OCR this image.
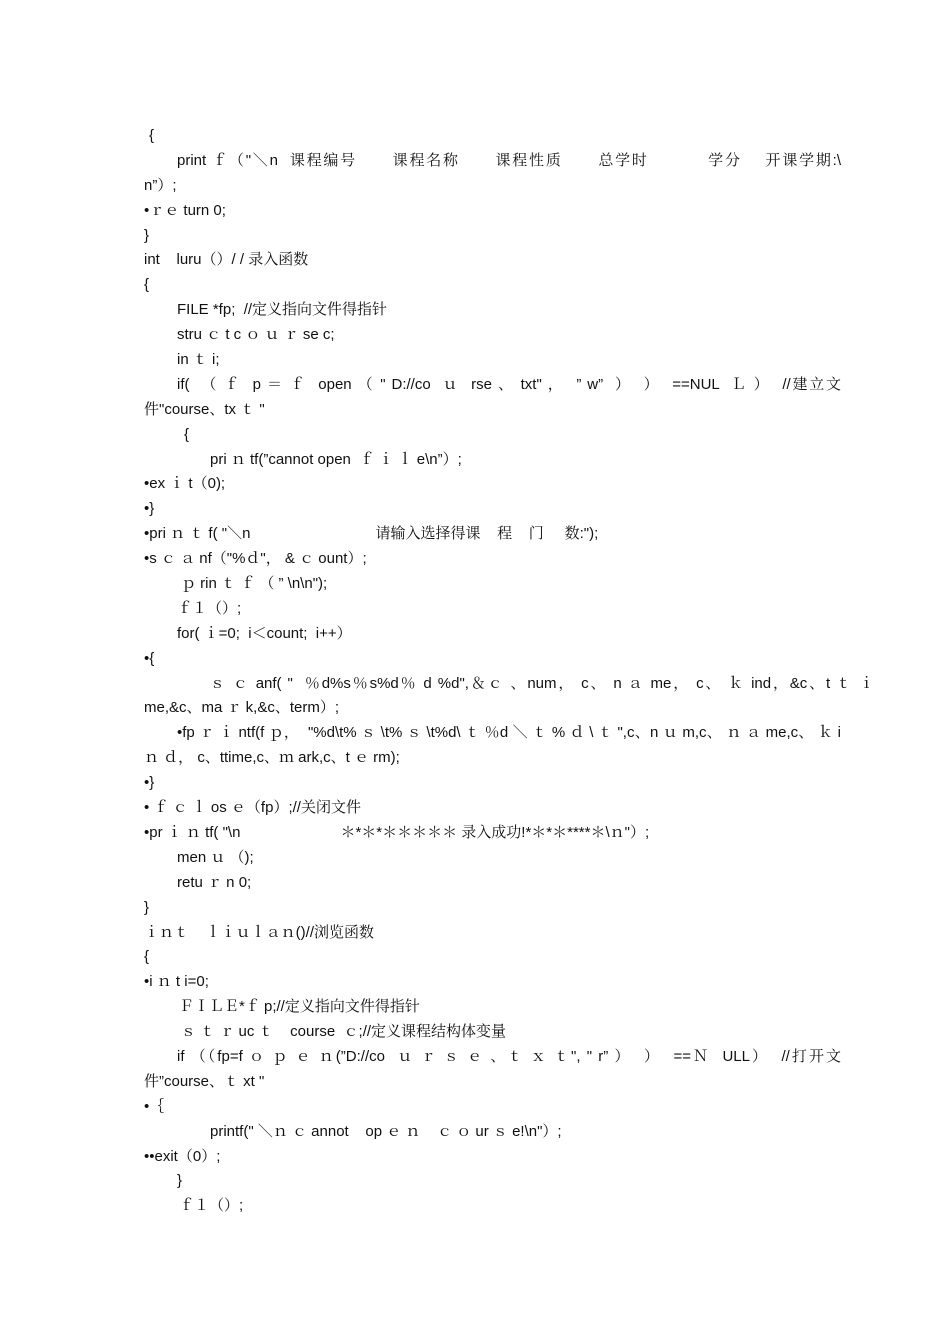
{
print ｆ（"＼n  课程编号      课程名称      课程性质      总学时          学分    开课学期:\
n”）;
•ｒｅ turn 0;
}
int    luru（）/ / 录入函数
{
FILE *fp;  //定义指向文件得指针
stru ｃ t c ｏ ｕ ｒ se c;
in ｔ i;
if(  （ ｆ  p ＝ ｆ  open （ " D://co  ｕ  rse 、 txt" ，  ” w”  ）  ）  ==NUL  Ｌ ）  //建立文
件"course、tx ｔ "
{
pri ｎ tf(”cannot open  ｆ ｉ ｌ e\n”）;
•ex ｉ t（0);
•}
•pri ｎ ｔ f( "＼n                              请输入选择得课    程    门     数:");
•s ｃ ａ nf（"%ｄ"， & ｃ ount）;
ｐ rin ｔ ｆ （ ” \n\n");
ｆ１（）;
for( ｉ=0;  i＜count;  i++）
•{
ｓ ｃ anf( "  ％d%s％s%d％ d %d",＆ｃ 、num， c、 n ａ me， c、 ｋ ind，&c、t ｔ ｉ
me,&c、ma ｒ k,&c、term）;
•fp ｒ ｉ ntf(f ｐ，  "%d\t% ｓ \t% ｓ \t%d\ ｔ ％d ＼ ｔ % ｄ \ ｔ ",c、n ｕ m,c、 ｎ ａ me,c、 ｋ i
ｎ ｄ， c、ttime,c、ｍ ark,c、t ｅ rm);
•}
• ｆ ｃ ｌ os ｅ（fp）;//关闭文件
•pr ｉ ｎ tf( "\n                        ＊*＊*＊＊＊＊＊ 录入成功!*＊*＊****＊\ｎ"）;
men ｕ （);
retu ｒ n 0;
}
ｉｎｔ    ｌｉｕｌａｎ()//浏览函数
{
•i ｎ t i=0;
ＦＩＬＥ*ｆ p;//定义指向文件得指针
ｓ ｔ ｒ uc ｔ    course  ｃ;//定义课程结构体变量
if （（fp=f ｏ ｐ ｅ ｎ(”D://co  ｕ ｒ ｓ ｅ 、ｔ ｘ ｔ", " r” ）  ）  ==Ｎ  ULL）  //打开文
件”course、ｔ xt "
•｛
printf(" ＼ｎ ｃ annot    op ｅ ｎ    ｃ ｏ ur ｓ e!\n"）;
••exit（0）;
}
ｆ１（）;
